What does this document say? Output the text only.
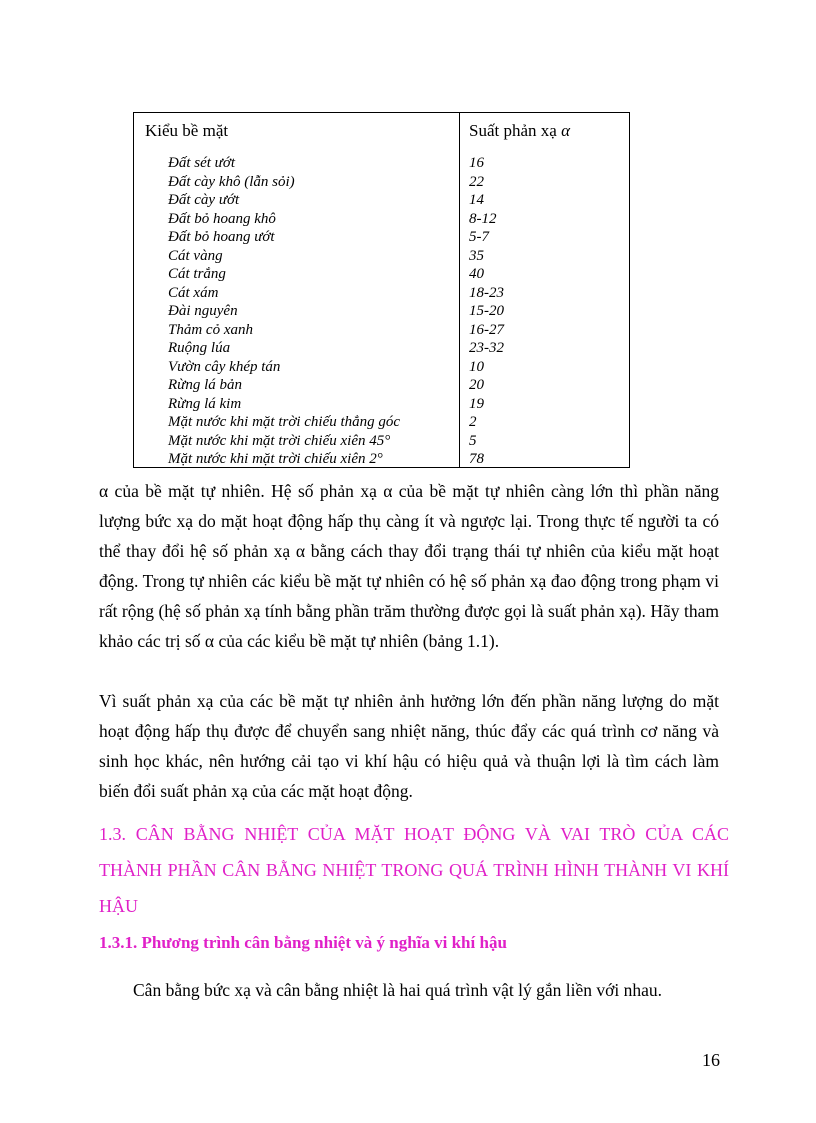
Kiểu bề mặt	Suất phản xạ α
Đất sét ướt	16
Đất cày khô (lẫn sỏi)	22
Đất cày ướt	14
Đất bỏ hoang khô	8-12
Đất bỏ hoang ướt	5-7
Cát vàng	35
Cát trắng	40
Cát xám	18-23
Đài nguyên	15-20
Thảm cỏ xanh	16-27
Ruộng lúa	23-32
Vườn cây khép tán	10
Rừng lá bản	20
Rừng lá kim	19
Mặt nước khi mặt trời chiếu thẳng góc	2
Mặt nước khi mặt trời chiếu xiên 45°	5
Mặt nước khi mặt trời chiếu xiên 2°	78

α của bề mặt tự nhiên. Hệ số phản xạ α của bề mặt tự nhiên càng lớn thì phần năng lượng bức xạ do mặt hoạt động hấp thụ càng ít và ngược lại. Trong thực tế người ta có thể thay đổi hệ số phản xạ α bằng cách thay đổi trạng thái tự nhiên của kiểu mặt hoạt động. Trong tự nhiên các kiểu bề mặt tự nhiên có hệ số phản xạ đao động trong phạm vi rất rộng (hệ số phản xạ tính bằng phần trăm thường được gọi là suất phản xạ). Hãy tham khảo các trị số α của các kiểu bề mặt tự nhiên (bảng 1.1).

Vì suất phản xạ của các bề mặt tự nhiên ảnh hưởng lớn đến phần năng lượng do mặt hoạt động hấp thụ được để chuyển sang nhiệt năng, thúc đẩy các quá trình cơ năng và sinh học khác, nên hướng cải tạo vi khí hậu có hiệu quả và thuận lợi là tìm cách làm biến đổi suất phản xạ của các mặt hoạt động.

1.3. CÂN BẰNG NHIỆT CỦA MẶT HOẠT ĐỘNG VÀ VAI TRÒ CỦA CÁC THÀNH PHẦN CÂN BẰNG NHIỆT TRONG QUÁ TRÌNH HÌNH THÀNH VI KHÍ HẬU

1.3.1. Phương trình cân bằng nhiệt và ý nghĩa vi khí hậu

Cân bằng bức xạ và cân bằng nhiệt là hai quá trình vật lý gắn liền với nhau.

16
